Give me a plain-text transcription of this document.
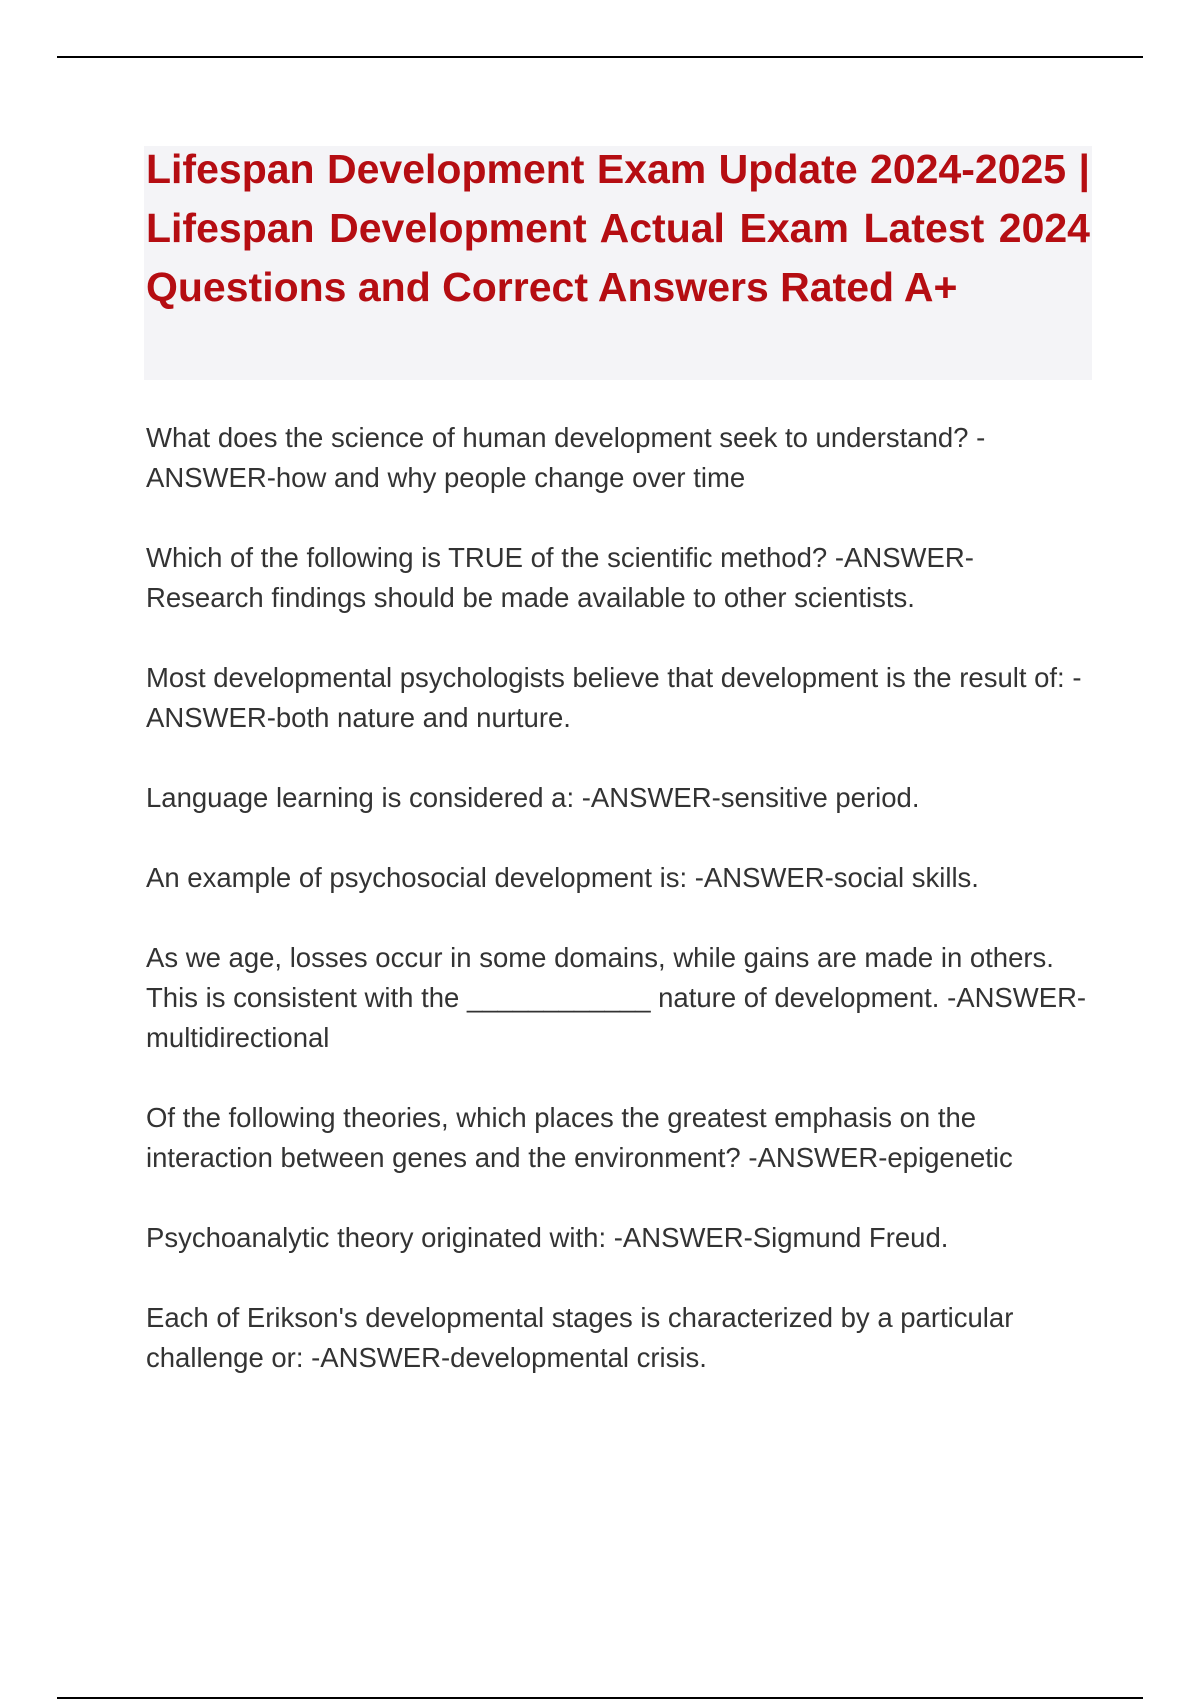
Lifespan Development Exam Update 2024-2025 | Lifespan Development Actual Exam Latest 2024 Questions and Correct Answers Rated A+
What does the science of human development seek to understand? -ANSWER-how and why people change over time
Which of the following is TRUE of the scientific method? -ANSWER-Research findings should be made available to other scientists.
Most developmental psychologists believe that development is the result of: -ANSWER-both nature and nurture.
Language learning is considered a: -ANSWER-sensitive period.
An example of psychosocial development is: -ANSWER-social skills.
As we age, losses occur in some domains, while gains are made in others. This is consistent with the ____________ nature of development. -ANSWER-multidirectional
Of the following theories, which places the greatest emphasis on the interaction between genes and the environment? -ANSWER-epigenetic
Psychoanalytic theory originated with: -ANSWER-Sigmund Freud.
Each of Erikson's developmental stages is characterized by a particular challenge or: -ANSWER-developmental crisis.
